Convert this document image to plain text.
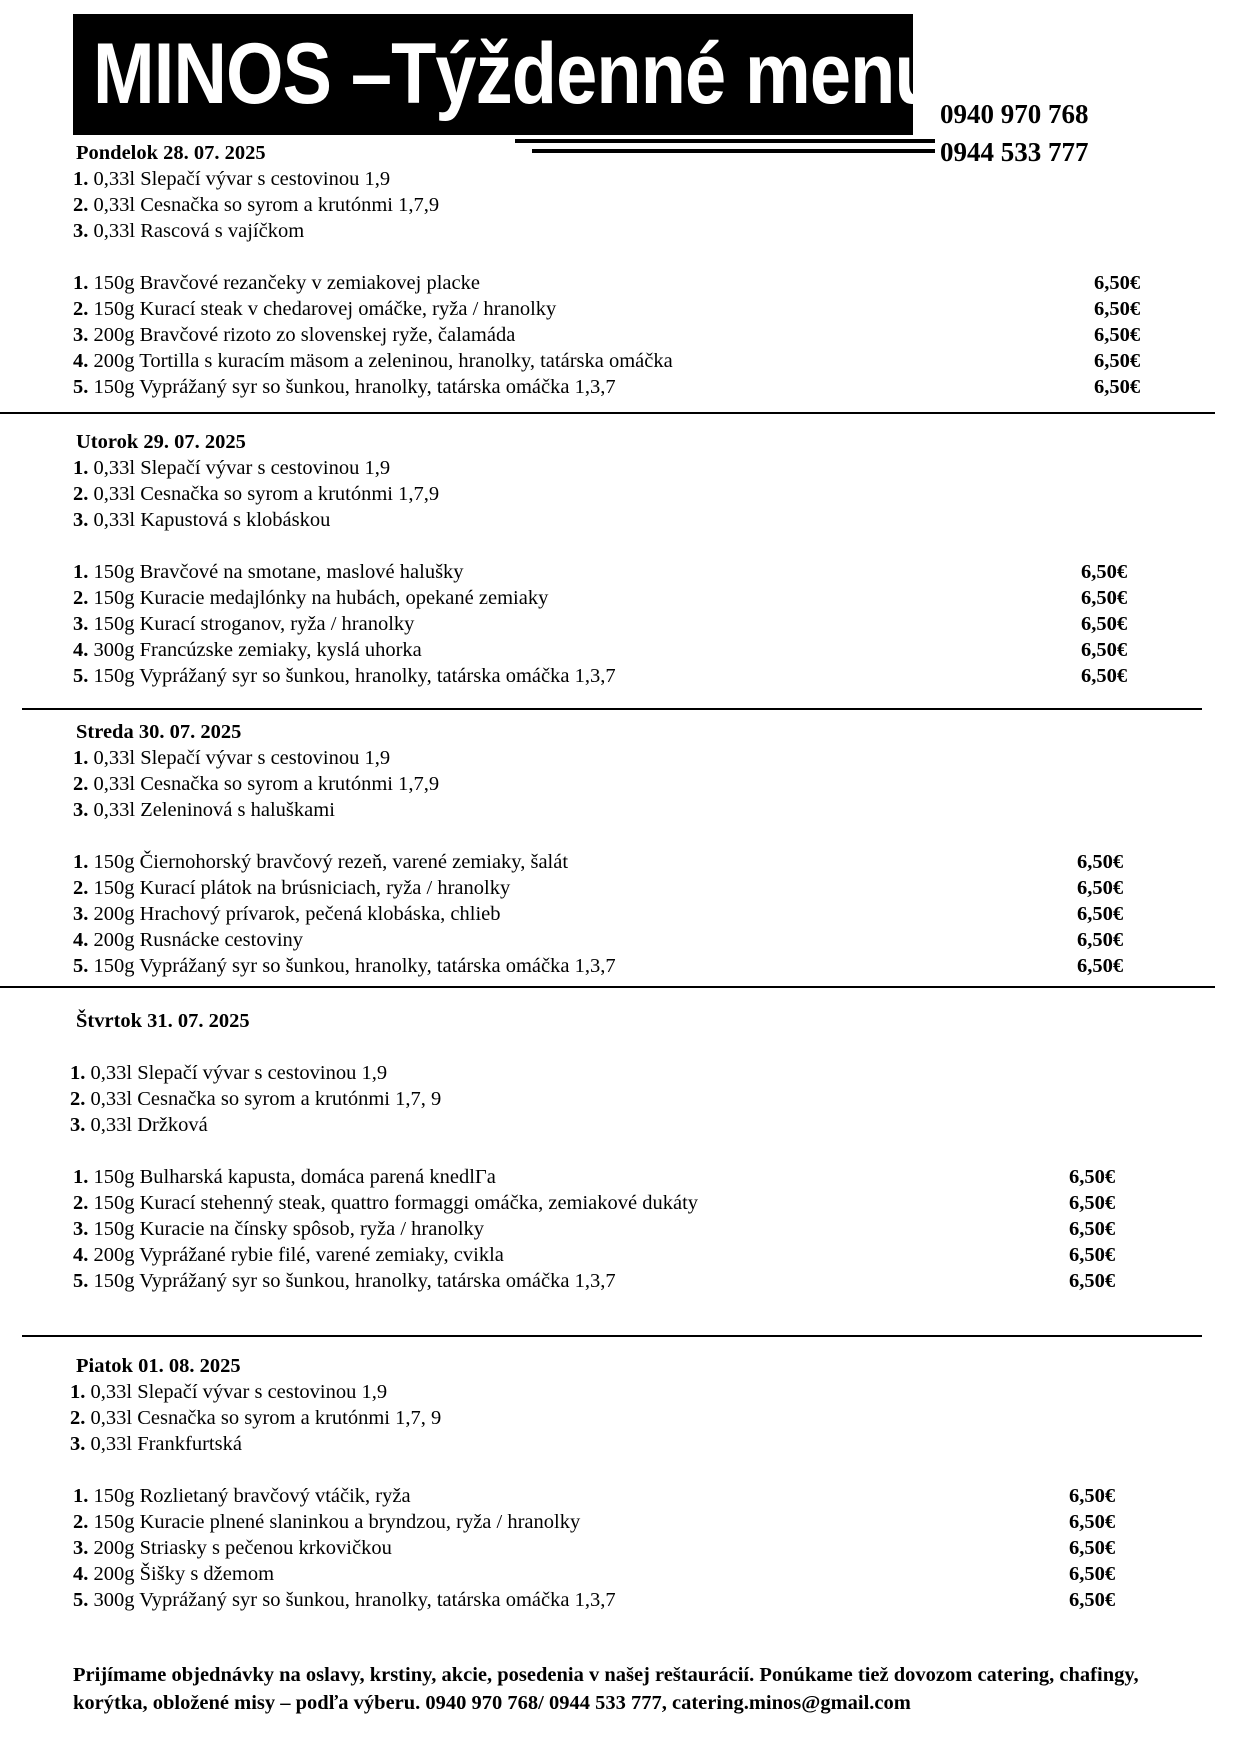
MINOS –Týždenné menu 0940 970 768
0944 533 777
Pondelok 28. 07. 2025
1. 0,33l Slepačí vývar s cestovinou 1,9
2. 0,33l Cesnačka so syrom a krutónmi 1,7,9
3. 0,33l Rascová s vajíčkom
1. 150g Bravčové rezančeky v zemiakovej placke	6,50€
2. 150g Kurací steak v chedarovej omáčke, ryža / hranolky	6,50€
3. 200g Bravčové rizoto zo slovenskej ryže, čalamáda	6,50€
4. 200g Tortilla s kuracím mäsom a zeleninou, hranolky, tatárska omáčka	6,50€
5. 150g Vyprážaný syr so šunkou, hranolky, tatárska omáčka 1,3,7	6,50€
Utorok 29. 07. 2025
1. 0,33l Slepačí vývar s cestovinou 1,9
2. 0,33l Cesnačka so syrom a krutónmi 1,7,9
3. 0,33l Kapustová s klobáskou
1. 150g Bravčové na smotane, maslové halušky	6,50€
2. 150g Kuracie medajlónky na hubách, opekané zemiaky	6,50€
3. 150g Kurací stroganov, ryža / hranolky	6,50€
4. 300g Francúzske zemiaky, kyslá uhorka	6,50€
5. 150g Vyprážaný syr so šunkou, hranolky, tatárska omáčka 1,3,7	6,50€
Streda 30. 07. 2025
1. 0,33l Slepačí vývar s cestovinou 1,9
2. 0,33l Cesnačka so syrom a krutónmi 1,7,9
3. 0,33l Zeleninová s haluškami
1. 150g Čiernohorský bravčový rezeň, varené zemiaky, šalát	6,50€
2. 150g Kurací plátok na brúsniciach, ryža / hranolky	6,50€
3. 200g Hrachový prívarok, pečená klobáska, chlieb	6,50€
4. 200g Rusnácke cestoviny	6,50€
5. 150g Vyprážaný syr so šunkou, hranolky, tatárska omáčka 1,3,7	6,50€
Štvrtok 31. 07. 2025
1. 0,33l Slepačí vývar s cestovinou 1,9
2. 0,33l Cesnačka so syrom a krutónmi 1,7, 9
3. 0,33l Držková
1. 150g Bulharská kapusta, domáca parená knedlГa	6,50€
2. 150g Kurací stehenný steak, quattro formaggi omáčka, zemiakové dukáty	6,50€
3. 150g Kuracie na čínsky spôsob, ryža / hranolky	6,50€
4. 200g Vyprážané rybie filé, varené zemiaky, cvikla	6,50€
5. 150g Vyprážaný syr so šunkou, hranolky, tatárska omáčka 1,3,7	6,50€
Piatok 01. 08. 2025
1. 0,33l Slepačí vývar s cestovinou 1,9
2. 0,33l Cesnačka so syrom a krutónmi 1,7, 9
3. 0,33l Frankfurtská
1. 150g Rozlietaný bravčový vtáčik, ryža	6,50€
2. 150g Kuracie plnené slaninkou a bryndzou, ryža / hranolky	6,50€
3. 200g Striasky s pečenou krkovičkou	6,50€
4. 200g Šišky s džemom	6,50€
5. 300g Vyprážaný syr so šunkou, hranolky, tatárska omáčka 1,3,7	6,50€
Prijímame objednávky na oslavy, krstiny, akcie, posedenia v našej reštaurácií. Ponúkame tiež dovozom catering, chafingy, korýtka, obložené misy – podľa výberu. 0940 970 768/ 0944 533 777, catering.minos@gmail.com
